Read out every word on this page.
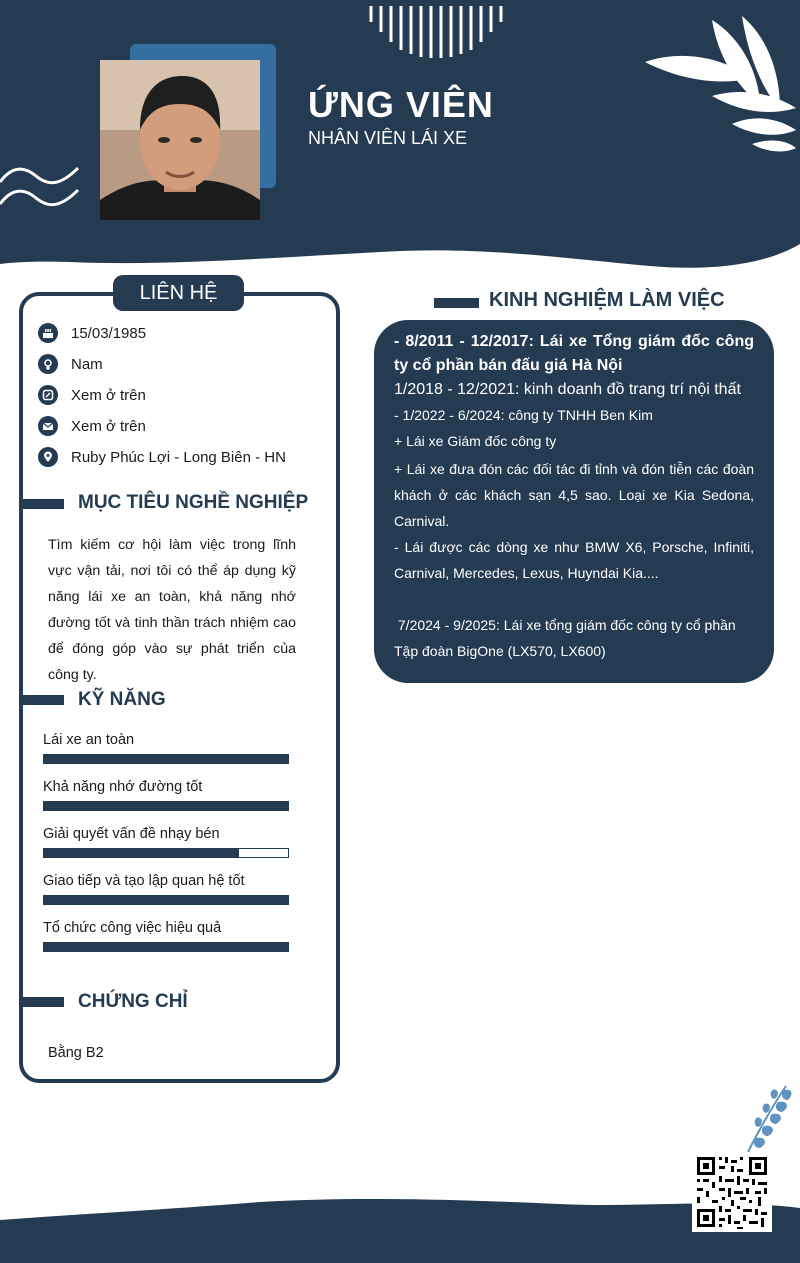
ỨNG VIÊN
NHÂN VIÊN LÁI XE
LIÊN HỆ
15/03/1985
Nam
Xem ở trên
Xem ở trên
Ruby Phúc Lợi - Long Biên - HN
MỤC TIÊU NGHỀ NGHIỆP
Tìm kiếm cơ hội làm việc trong lĩnh vực vận tải, nơi tôi có thể áp dụng kỹ năng lái xe an toàn, khả năng nhớ đường tốt và tinh thần trách nhiệm cao để đóng góp vào sự phát triển của công ty.
KỸ NĂNG
Lái xe an toàn
Khả năng nhớ đường tốt
Giải quyết vấn đề nhạy bén
Giao tiếp và tạo lập quan hệ tốt
Tổ chức công việc hiệu quả
CHỨNG CHỈ
Bằng B2
KINH NGHIỆM LÀM VIỆC
- 8/2011 - 12/2017: Lái xe Tổng giám đốc công ty cổ phần bán đấu giá Hà Nội
1/2018 - 12/2021: kinh doanh đồ trang trí nội thất
- 1/2022 - 6/2024: công ty TNHH Ben Kim
+ Lái xe Giám đốc công ty
+ Lái xe đưa đón các đối tác đi tỉnh và đón tiễn các đoàn khách ở các khách sạn 4,5 sao. Loại xe Kia Sedona, Carnival.
- Lái được các dòng xe như BMW X6, Porsche, Infiniti, Carnival, Mercedes, Lexus, Huyndai Kia....
7/2024 - 9/2025: Lái xe tổng giám đốc công ty cổ phần Tập đoàn BigOne (LX570, LX600)
